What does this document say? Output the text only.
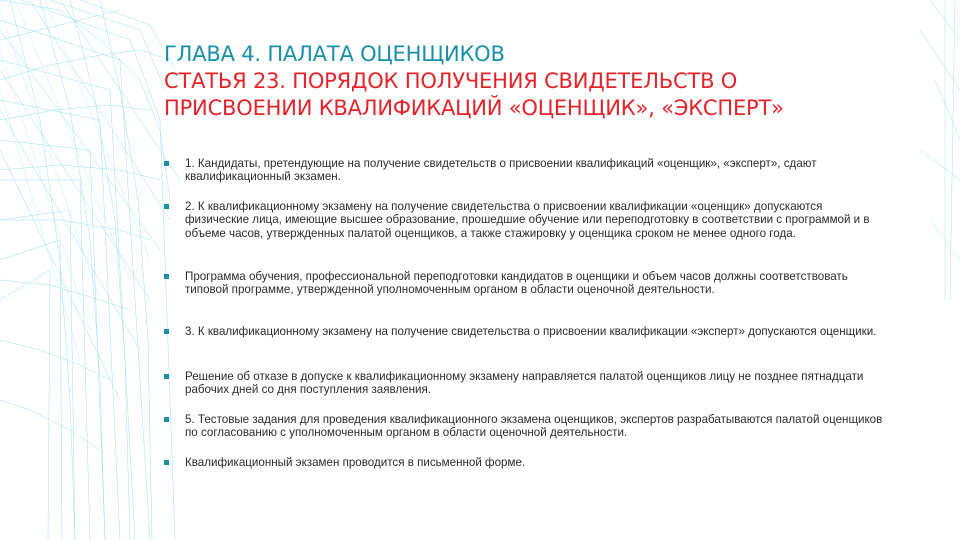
ГЛАВА 4. ПАЛАТА ОЦЕНЩИКОВ
СТАТЬЯ 23. ПОРЯДОК ПОЛУЧЕНИЯ СВИДЕТЕЛЬСТВ О
ПРИСВОЕНИИ КВАЛИФИКАЦИЙ «ОЦЕНЩИК», «ЭКСПЕРТ»
1. Кандидаты, претендующие на получение свидетельств о присвоении квалификаций «оценщик», «эксперт», сдают квалификационный экзамен.
2. К квалификационному экзамену на получение свидетельства о присвоении квалификации «оценщик» допускаются физические лица, имеющие высшее образование, прошедшие обучение или переподготовку в соответствии с программой и в объеме часов, утвержденных палатой оценщиков, а также стажировку у оценщика сроком не менее одного года.
Программа обучения, профессиональной переподготовки кандидатов в оценщики и объем часов должны соответствовать типовой программе, утвержденной уполномоченным органом в области оценочной деятельности.
3. К квалификационному экзамену на получение свидетельства о присвоении квалификации «эксперт» допускаются оценщики.
Решение об отказе в допуске к квалификационному экзамену направляется палатой оценщиков лицу не позднее пятнадцати рабочих дней со дня поступления заявления.
5. Тестовые задания для проведения квалификационного экзамена оценщиков, экспертов разрабатываются палатой оценщиков по согласованию с уполномоченным органом в области оценочной деятельности.
Квалификационный экзамен проводится в письменной форме.
